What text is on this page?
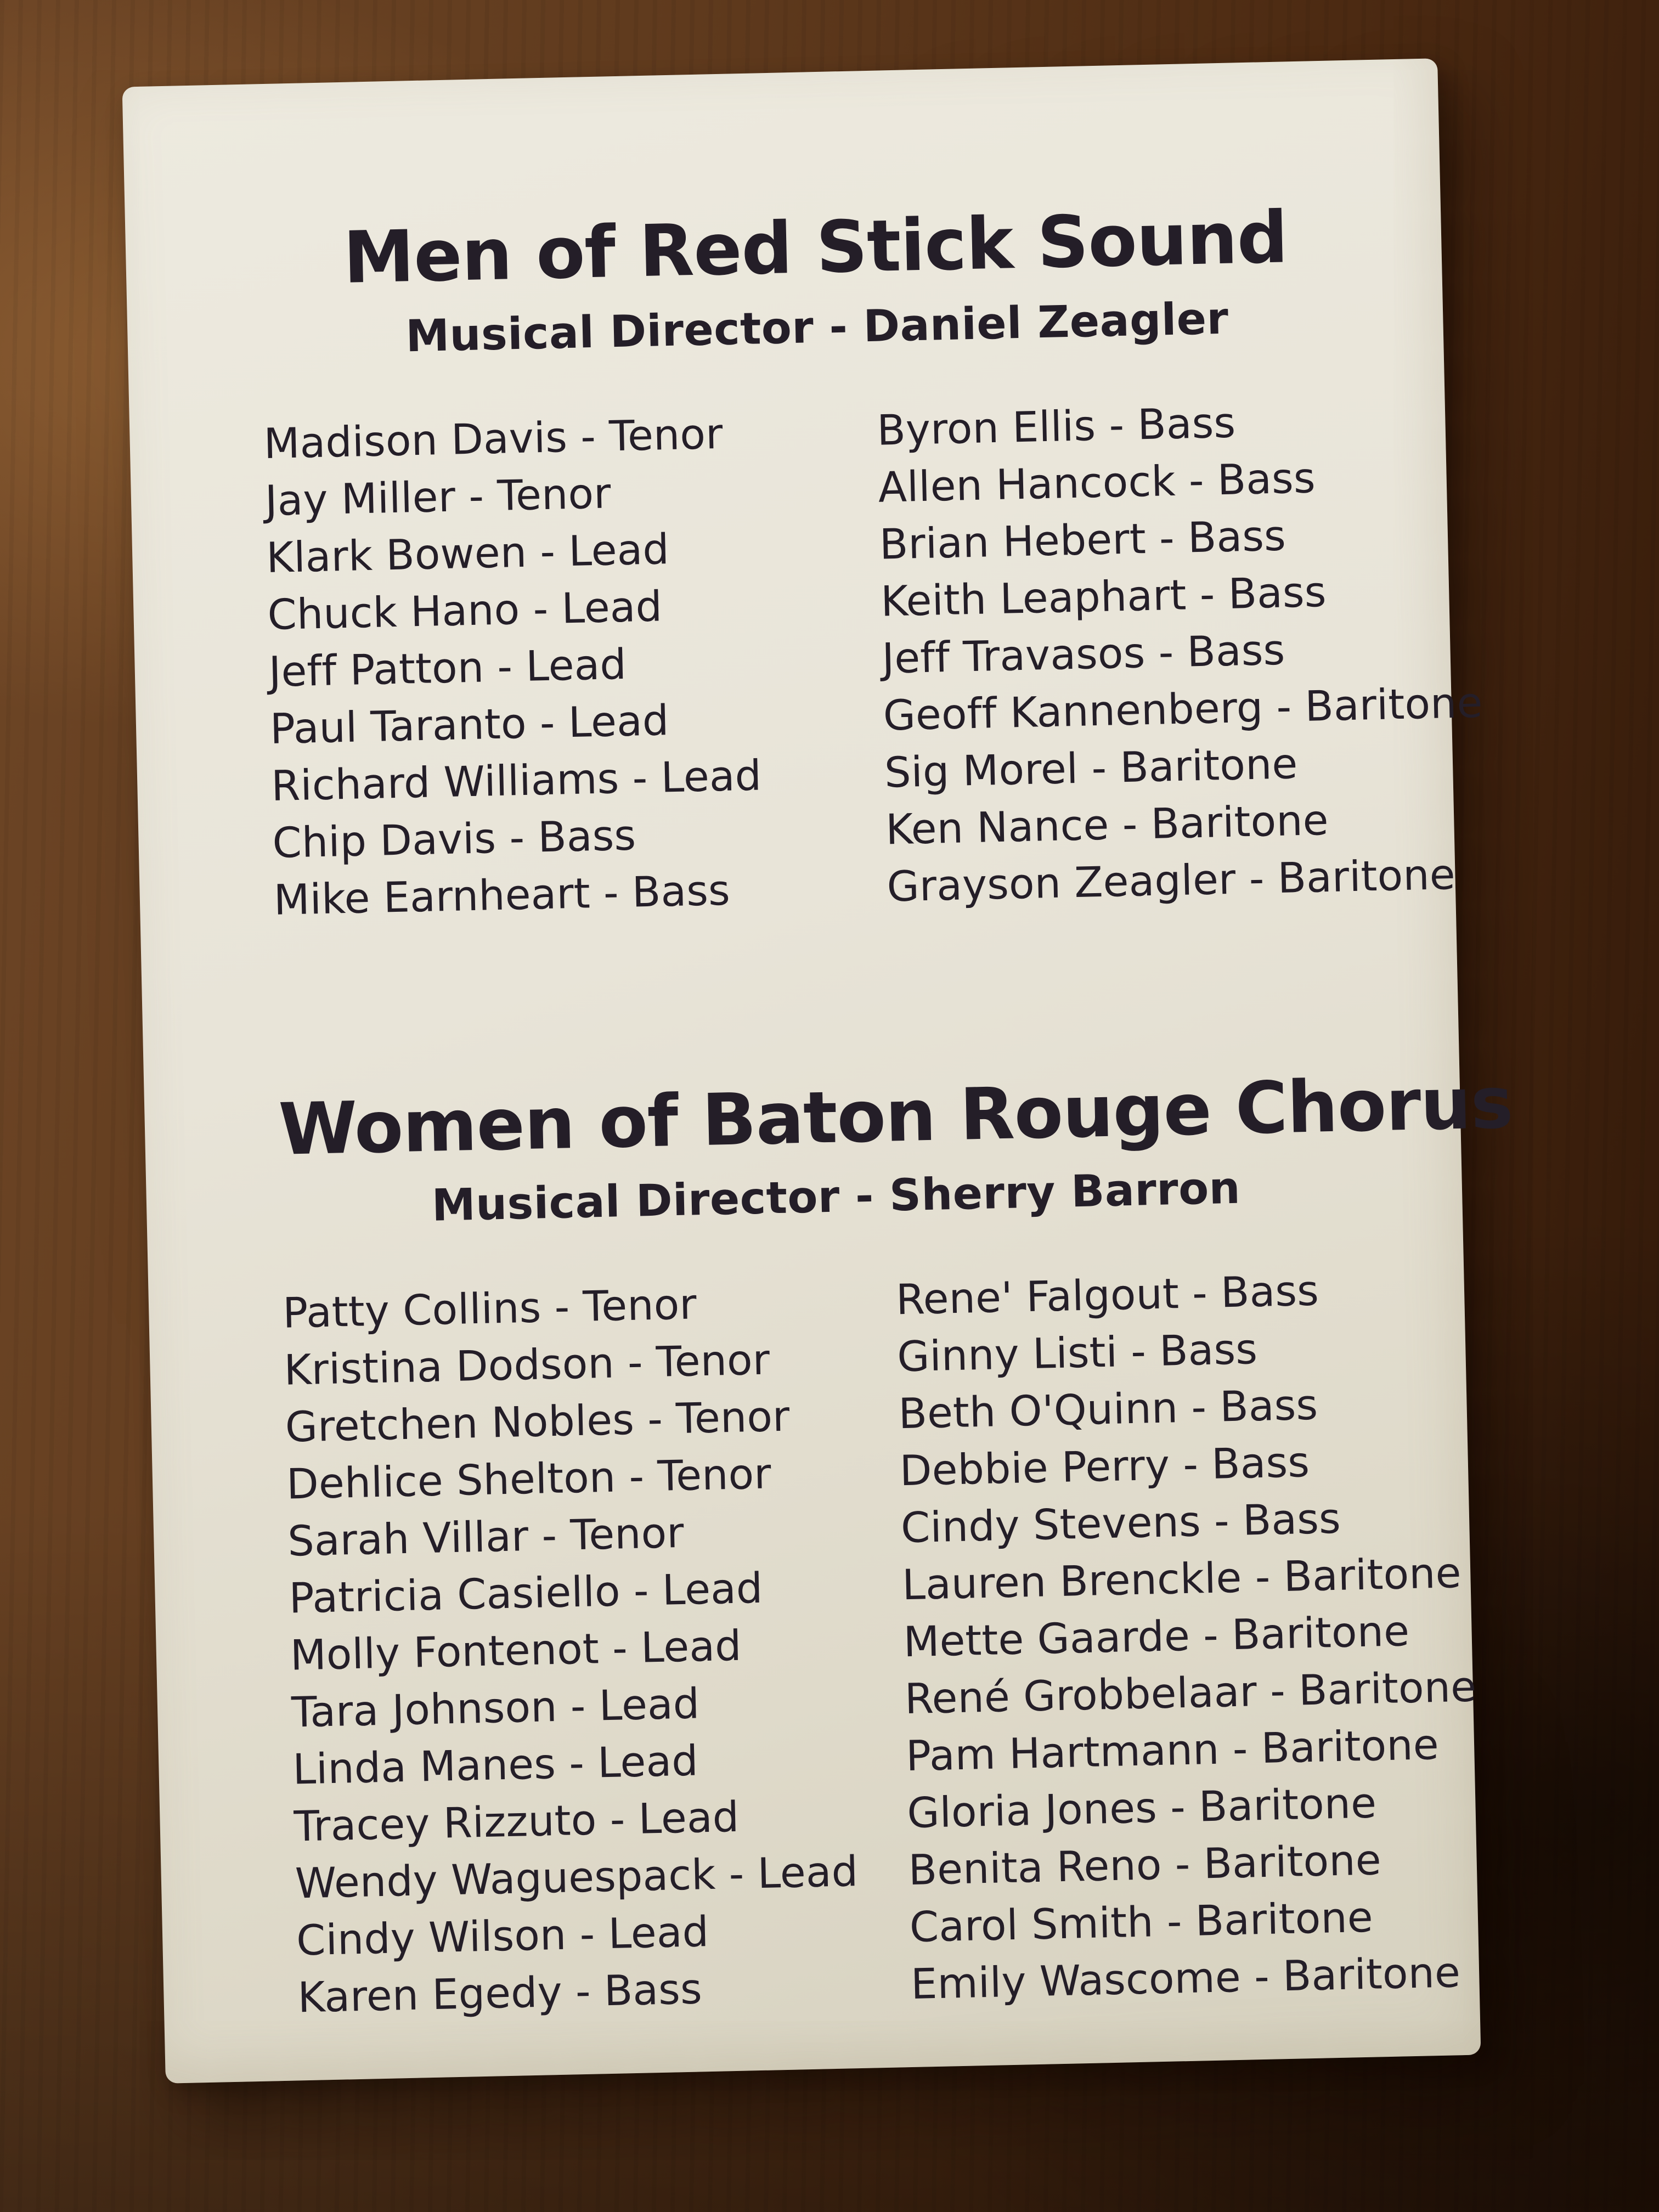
Men of Red Stick Sound
Musical Director - Daniel Zeagler
Madison Davis - Tenor
Jay Miller - Tenor
Klark Bowen - Lead
Chuck Hano - Lead
Jeff Patton - Lead
Paul Taranto - Lead
Richard Williams - Lead
Chip Davis - Bass
Mike Earnheart - Bass
Byron Ellis - Bass
Allen Hancock - Bass
Brian Hebert - Bass
Keith Leaphart - Bass
Jeff Travasos - Bass
Geoff Kannenberg - Baritone
Sig Morel - Baritone
Ken Nance - Baritone
Grayson Zeagler - Baritone
Women of Baton Rouge Chorus
Musical Director - Sherry Barron
Patty Collins - Tenor
Kristina Dodson - Tenor
Gretchen Nobles - Tenor
Dehlice Shelton - Tenor
Sarah Villar - Tenor
Patricia Casiello - Lead
Molly Fontenot - Lead
Tara Johnson - Lead
Linda Manes - Lead
Tracey Rizzuto - Lead
Wendy Waguespack - Lead
Cindy Wilson - Lead
Karen Egedy - Bass
Rene' Falgout - Bass
Ginny Listi - Bass
Beth O'Quinn - Bass
Debbie Perry - Bass
Cindy Stevens - Bass
Lauren Brenckle - Baritone
Mette Gaarde - Baritone
René Grobbelaar - Baritone
Pam Hartmann - Baritone
Gloria Jones - Baritone
Benita Reno - Baritone
Carol Smith - Baritone
Emily Wascome - Baritone
